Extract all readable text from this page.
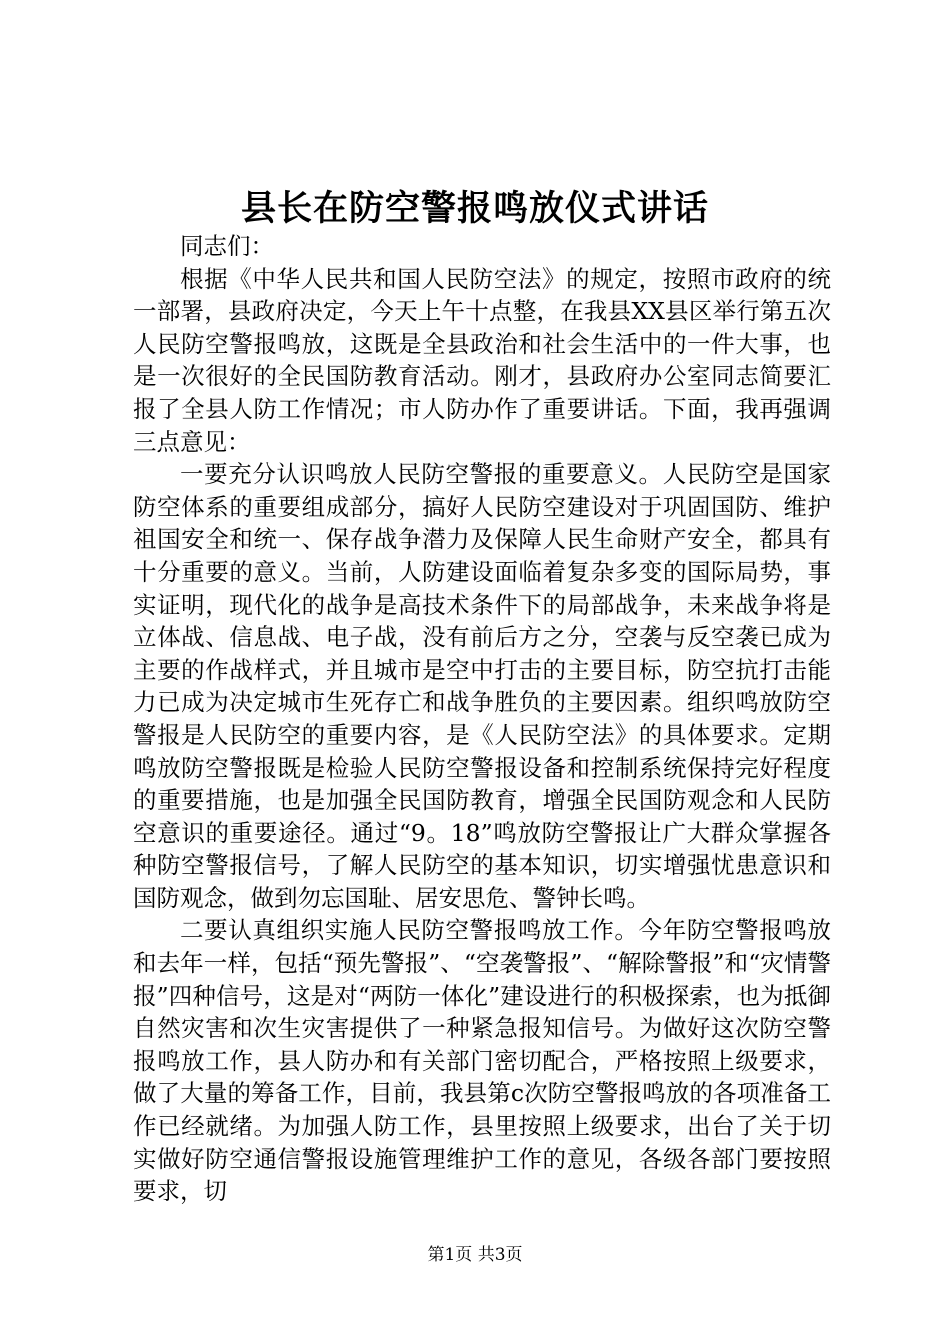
县长在防空警报鸣放仪式讲话

同志们：

根据《中华人民共和国人民防空法》的规定，按照市政府的统一部署，县政府决定，今天上午十点整，在我县XX县区举行第五次人民防空警报鸣放，这既是全县政治和社会生活中的一件大事，也是一次很好的全民国防教育活动。刚才，县政府办公室同志简要汇报了全县人防工作情况；市人防办作了重要讲话。下面，我再强调三点意见：

一要充分认识鸣放人民防空警报的重要意义。人民防空是国家防空体系的重要组成部分，搞好人民防空建设对于巩固国防、维护祖国安全和统一、保存战争潜力及保障人民生命财产安全，都具有十分重要的意义。当前，人防建设面临着复杂多变的国际局势，事实证明，现代化的战争是高技术条件下的局部战争，未来战争将是立体战、信息战、电子战，没有前后方之分，空袭与反空袭已成为主要的作战样式，并且城市是空中打击的主要目标，防空抗打击能力已成为决定城市生死存亡和战争胜负的主要因素。组织鸣放防空警报是人民防空的重要内容，是《人民防空法》的具体要求。定期鸣放防空警报既是检验人民防空警报设备和控制系统保持完好程度的重要措施，也是加强全民国防教育，增强全民国防观念和人民防空意识的重要途径。通过“9。18”鸣放防空警报让广大群众掌握各种防空警报信号，了解人民防空的基本知识，切实增强忧患意识和国防观念，做到勿忘国耻、居安思危、警钟长鸣。

二要认真组织实施人民防空警报鸣放工作。今年防空警报鸣放和去年一样，包括“预先警报”、“空袭警报”、“解除警报”和“灾情警报”四种信号，这是对“两防一体化”建设进行的积极探索，也为抵御自然灾害和次生灾害提供了一种紧急报知信号。为做好这次防空警报鸣放工作，县人防办和有关部门密切配合，严格按照上级要求，做了大量的筹备工作，目前，我县第c次防空警报鸣放的各项准备工作已经就绪。为加强人防工作，县里按照上级要求，出台了关于切实做好防空通信警报设施管理维护工作的意见，各级各部门要按照要求，切

第1页 共3页
